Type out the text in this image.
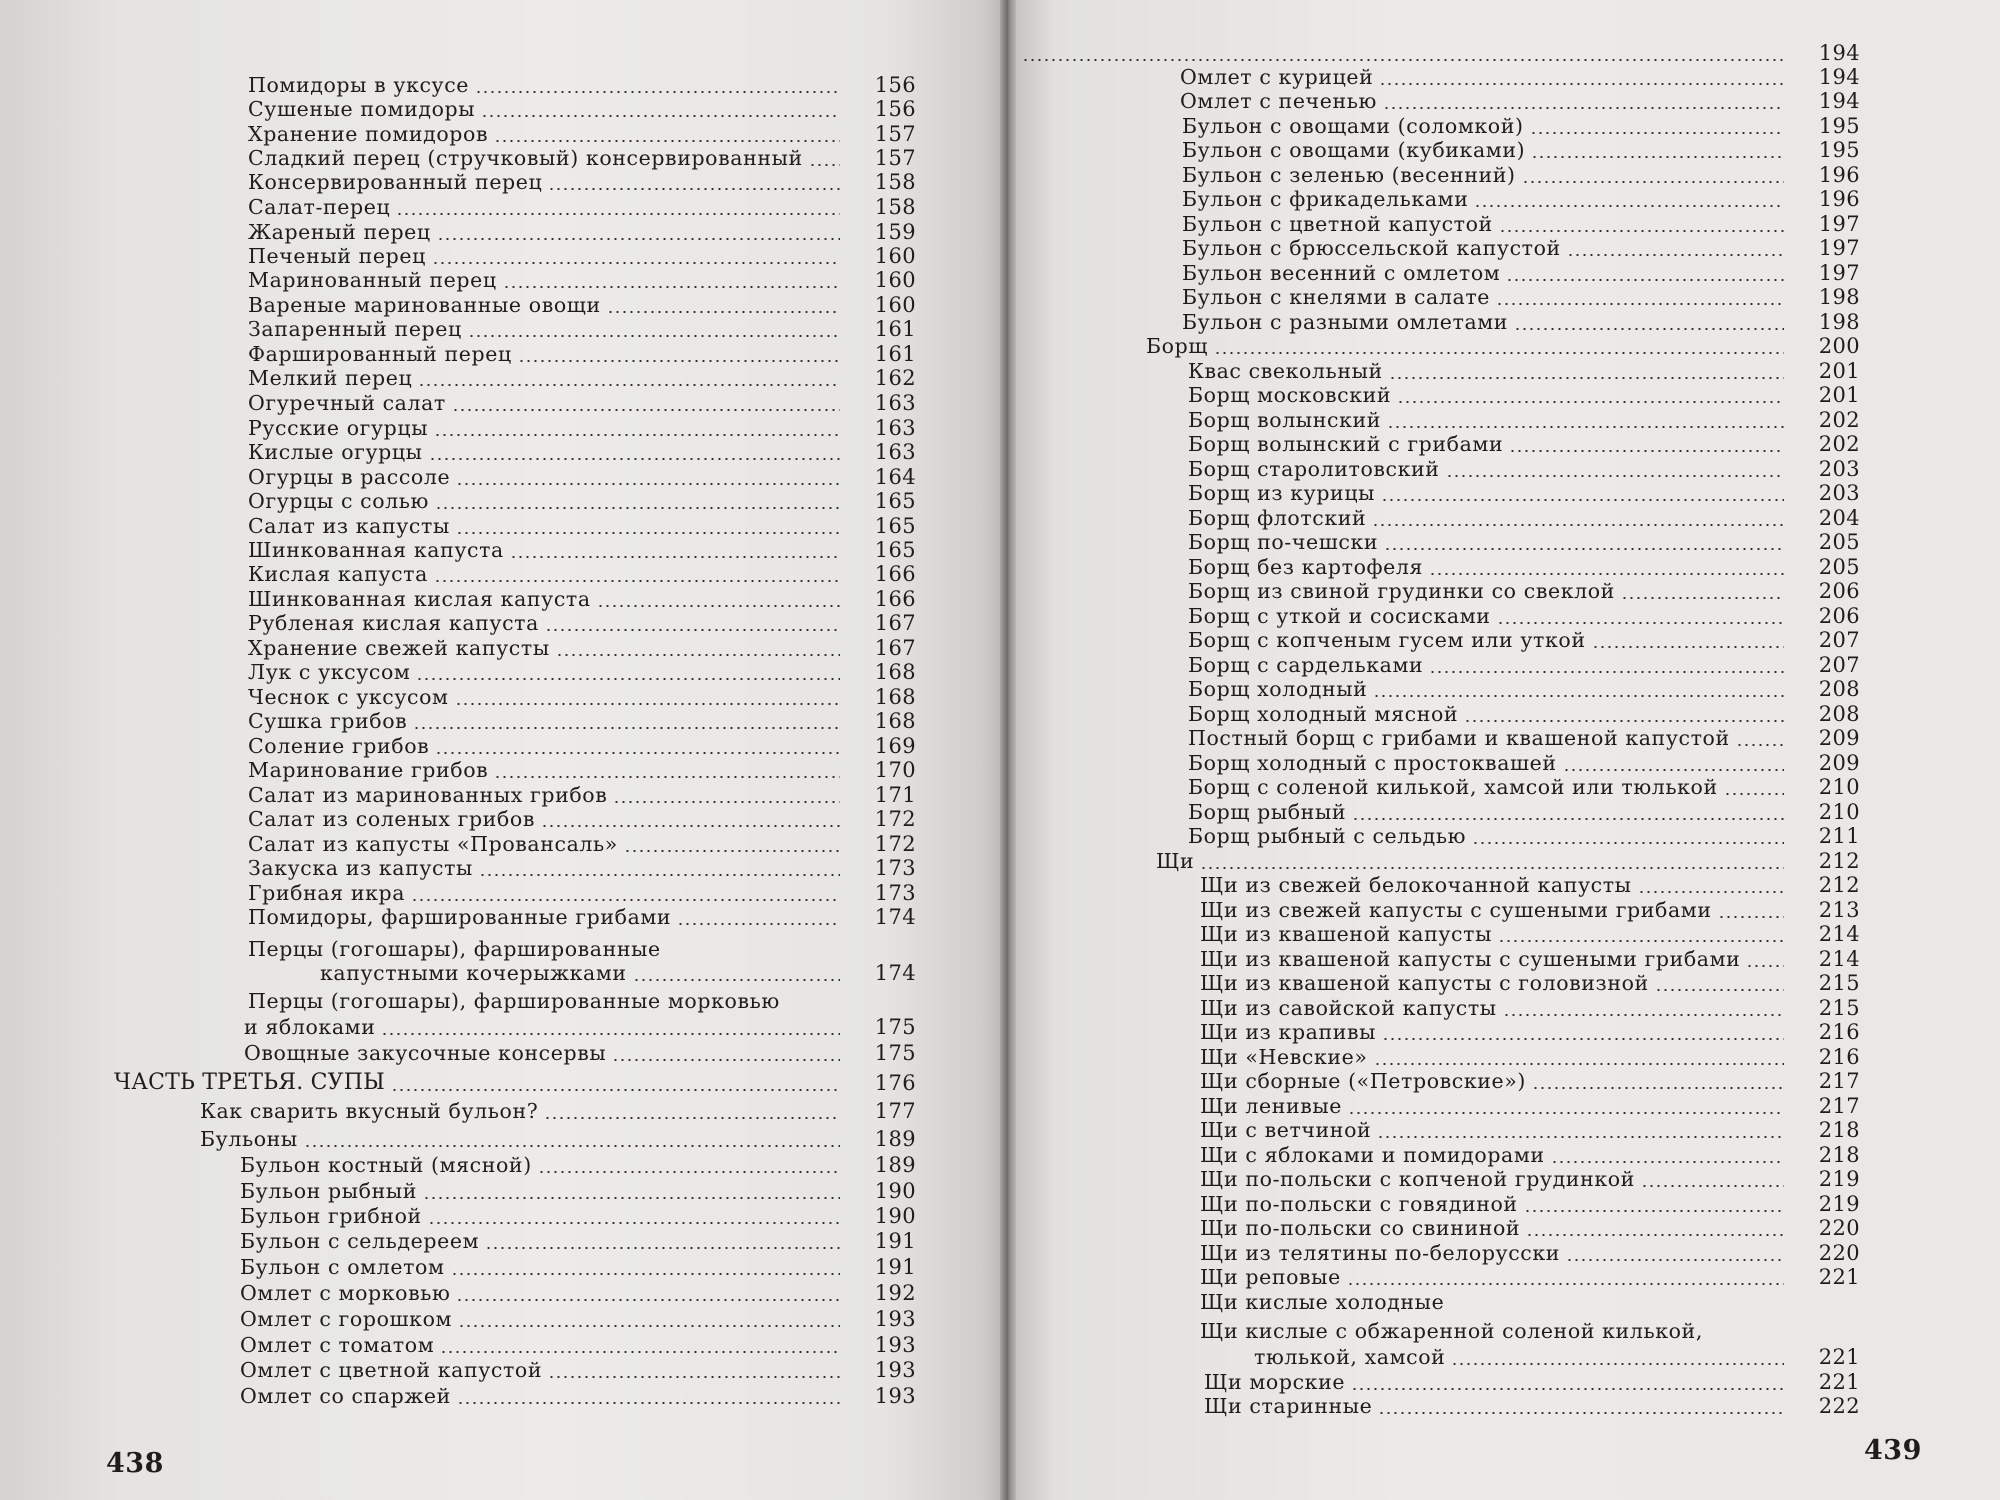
Помидоры в уксусе	156
Сушеные помидоры	156
Хранение помидоров	157
Сладкий перец (стручковый) консервированный	157
Консервированный перец	158
Салат-перец	158
Жареный перец	159
Печеный перец	160
Маринованный перец	160
Вареные маринованные овощи	160
Запаренный перец	161
Фаршированный перец	161
Мелкий перец	162
Огуречный салат	163
Русские огурцы	163
Кислые огурцы	163
Огурцы в рассоле	164
Огурцы с солью	165
Салат из капусты	165
Шинкованная капуста	165
Кислая капуста	166
Шинкованная кислая капуста	166
Рубленая кислая капуста	167
Хранение свежей капусты	167
Лук с уксусом	168
Чеснок с уксусом	168
Сушка грибов	168
Соление грибов	169
Маринование грибов	170
Салат из маринованных грибов	171
Салат из соленых грибов	172
Салат из капусты «Провансаль»	172
Закуска из капусты	173
Грибная икра	173
Помидоры, фаршированные грибами	174
Перцы (гогошары), фаршированные
капустными кочерыжками	174
Перцы (гогошары), фаршированные морковью
и яблоками	175
Овощные закусочные консервы	175
ЧАСТЬ ТРЕТЬЯ. СУПЫ	176
Как сварить вкусный бульон?	177
Бульоны	189
Бульон костный (мясной)	189
Бульон рыбный	190
Бульон грибной	190
Бульон с сельдереем	191
Бульон с омлетом	191
Омлет с морковью	192
Омлет с горошком	193
Омлет с томатом	193
Омлет с цветной капустой	193
Омлет со спаржей	193
438
194
Омлет с курицей	194
Омлет с печенью	194
Бульон с овощами (соломкой)	195
Бульон с овощами (кубиками)	195
Бульон с зеленью (весенний)	196
Бульон с фрикадельками	196
Бульон с цветной капустой	197
Бульон с брюссельской капустой	197
Бульон весенний с омлетом	197
Бульон с кнелями в салате	198
Бульон с разными омлетами	198
Борщ	200
Квас свекольный	201
Борщ московский	201
Борщ волынский	202
Борщ волынский с грибами	202
Борщ старолитовский	203
Борщ из курицы	203
Борщ флотский	204
Борщ по-чешски	205
Борщ без картофеля	205
Борщ из свиной грудинки со свеклой	206
Борщ с уткой и сосисками	206
Борщ с копченым гусем или уткой	207
Борщ с сардельками	207
Борщ холодный	208
Борщ холодный мясной	208
Постный борщ с грибами и квашеной капустой	209
Борщ холодный с простоквашей	209
Борщ с соленой килькой, хамсой или тюлькой	210
Борщ рыбный	210
Борщ рыбный с сельдью	211
Щи	212
Щи из свежей белокочанной капусты	212
Щи из свежей капусты с сушеными грибами	213
Щи из квашеной капусты	214
Щи из квашеной капусты с сушеными грибами	214
Щи из квашеной капусты с головизной	215
Щи из савойской капусты	215
Щи из крапивы	216
Щи «Невские»	216
Щи сборные («Петровские»)	217
Щи ленивые	217
Щи с ветчиной	218
Щи с яблоками и помидорами	218
Щи по-польски с копченой грудинкой	219
Щи по-польски с говядиной	219
Щи по-польски со свининой	220
Щи из телятины по-белорусски	220
Щи реповые	221
Щи кислые холодные
Щи кислые с обжаренной соленой килькой,
тюлькой, хамсой	221
Щи морские	221
Щи старинные	222
439
